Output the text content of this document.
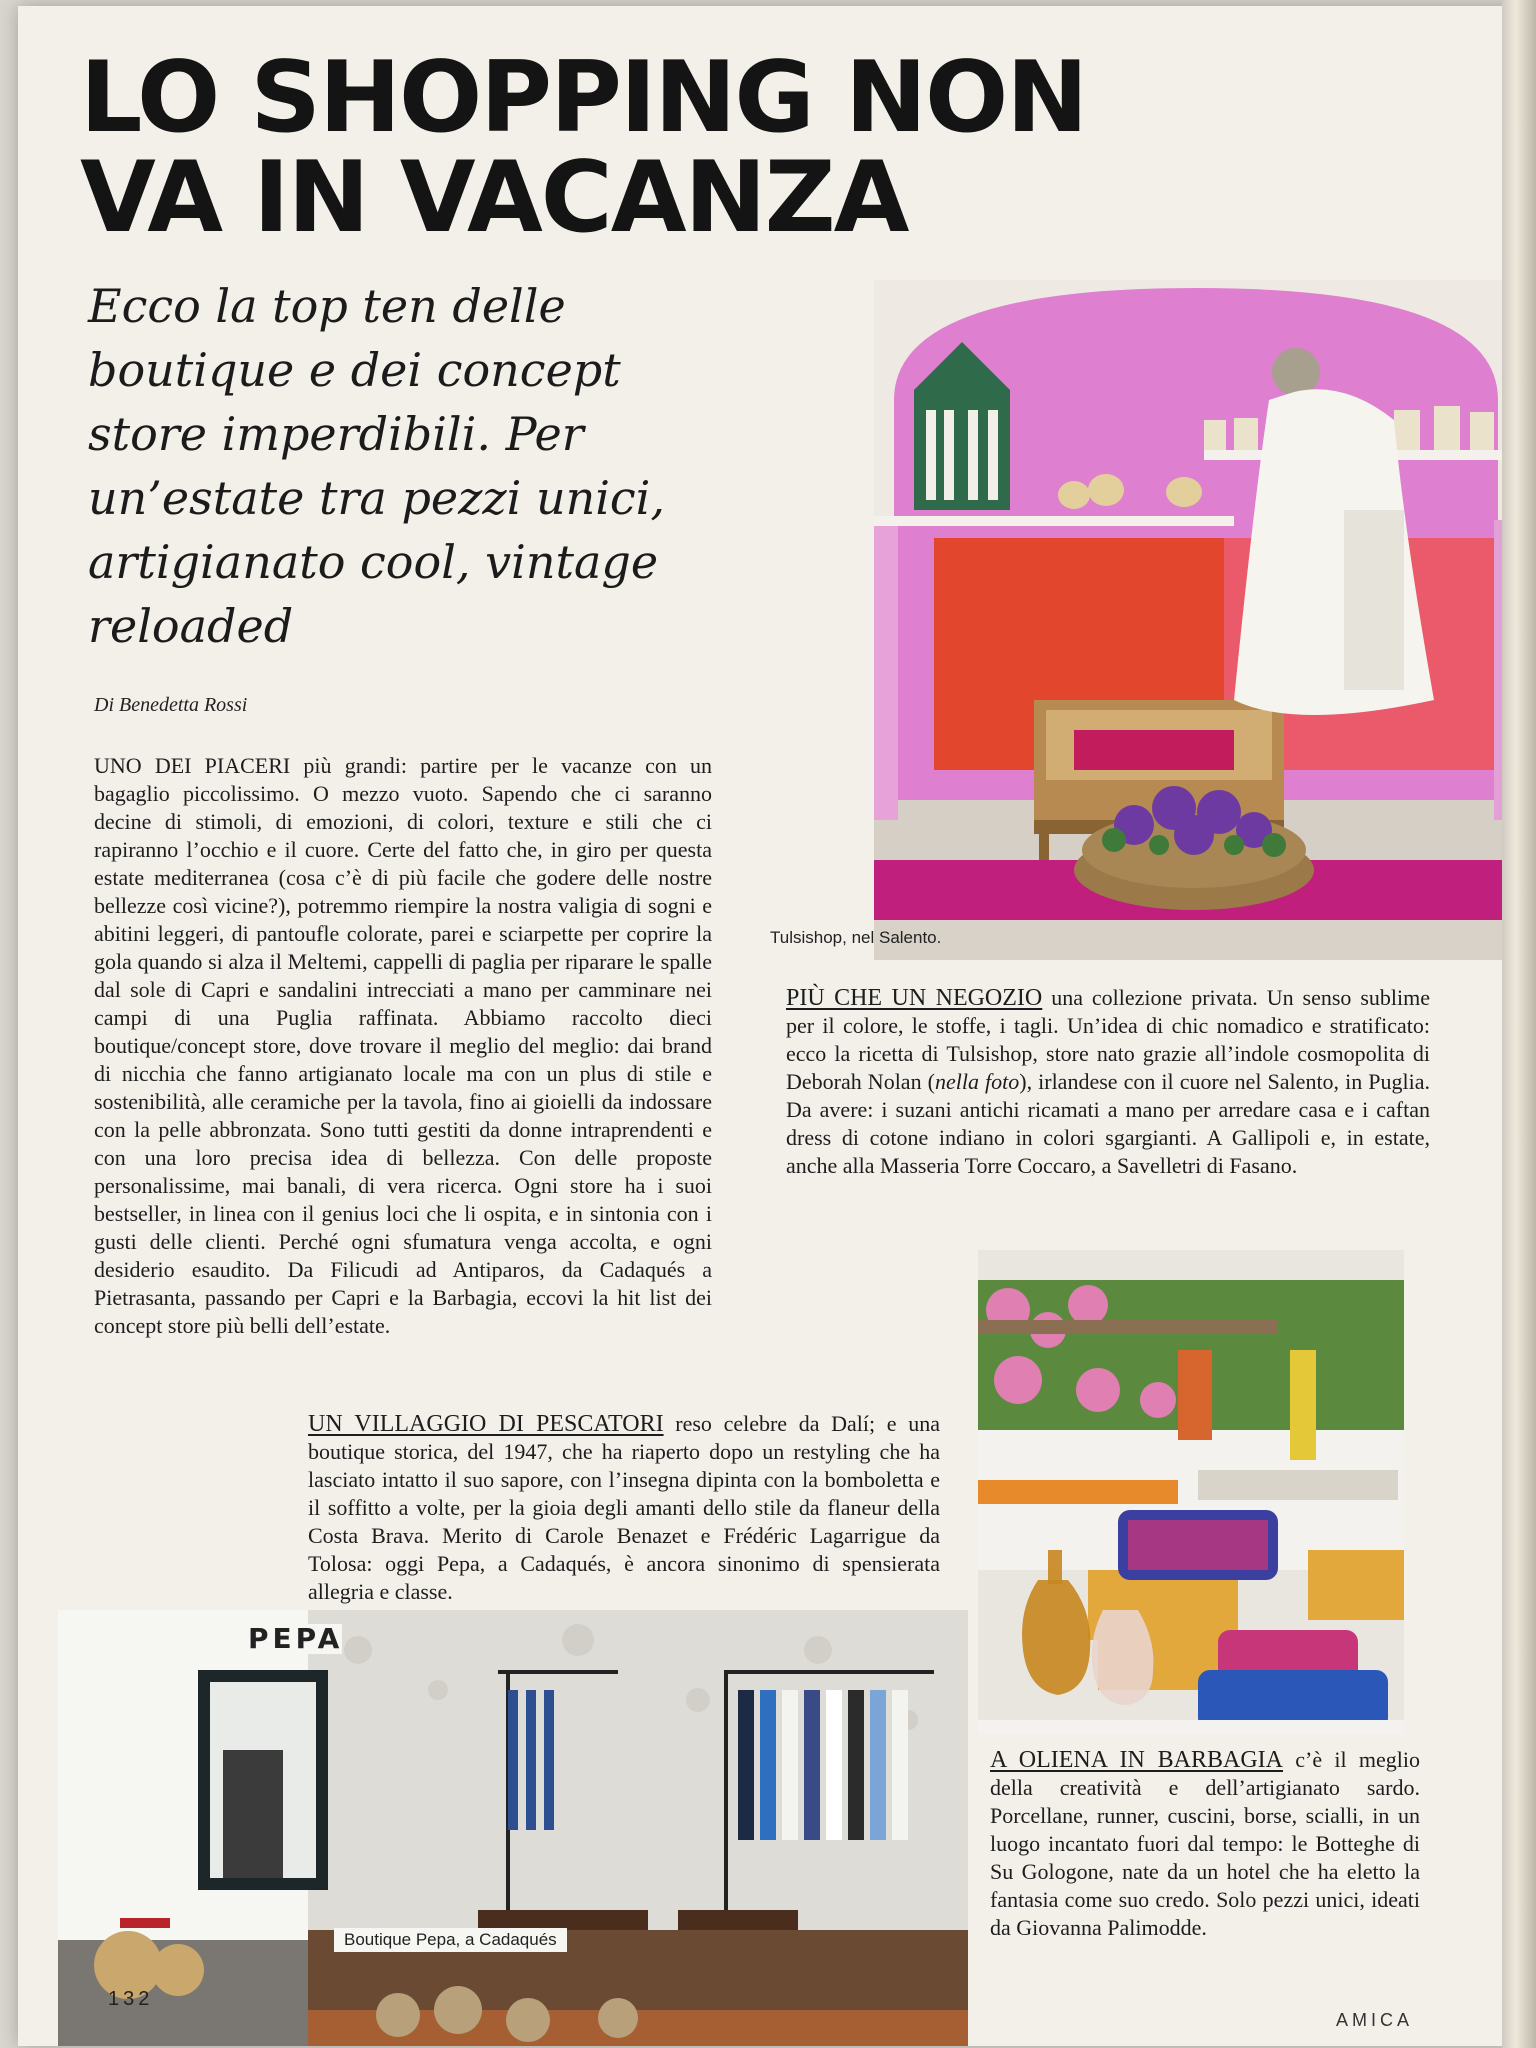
LO SHOPPING NON
VA IN VACANZA
Ecco la top ten delle boutique e dei concept store imperdibili. Per un’estate tra pezzi unici, artigianato cool, vintage reloaded
Di Benedetta Rossi
UNO DEI PIACERI più grandi: partire per le vacanze con un bagaglio piccolissimo. O mezzo vuoto. Sapendo che ci saranno decine di stimoli, di emozioni, di colori, texture e stili che ci rapiranno l’occhio e il cuore. Certe del fatto che, in giro per questa estate mediterranea (cosa c’è di più facile che godere delle nostre bellezze così vicine?), potremmo riempire la nostra valigia di sogni e abitini leggeri, di pantoufle colorate, parei e sciarpette per coprire la gola quando si alza il Meltemi, cappelli di paglia per riparare le spalle dal sole di Capri e sandalini intrecciati a mano per camminare nei campi di una Puglia raffinata. Abbiamo raccolto dieci boutique/concept store, dove trovare il meglio del meglio: dai brand di nicchia che fanno artigianato locale ma con un plus di stile e sostenibilità, alle ceramiche per la tavola, fino ai gioielli da indossare con la pelle abbronzata. Sono tutti gestiti da donne intraprendenti e con una loro precisa idea di bellezza. Con delle proposte personalissime, mai banali, di vera ricerca. Ogni store ha i suoi bestseller, in linea con il genius loci che li ospita, e in sintonia con i gusti delle clienti. Perché ogni sfumatura venga accolta, e ogni desiderio esaudito. Da Filicudi ad Antiparos, da Cadaqués a Pietrasanta, passando per Capri e la Barbagia, eccovi la hit list dei concept store più belli dell’estate.
Tulsishop, nel Salento.
PIÙ CHE UN NEGOZIO una collezione privata. Un senso sublime per il colore, le stoffe, i tagli. Un’idea di chic nomadico e stratificato: ecco la ricetta di Tulsishop, store nato grazie all’indole cosmopolita di Deborah Nolan (nella foto), irlandese con il cuore nel Salento, in Puglia. Da avere: i suzani antichi ricamati a mano per arredare casa e i caftan dress di cotone indiano in colori sgargianti. A Gallipoli e, in estate, anche alla Masseria Torre Coccaro, a Savelletri di Fasano.
A OLIENA IN BARBAGIA c’è il meglio della creatività e dell’artigianato sardo. Porcellane, runner, cuscini, borse, scialli, in un luogo incantato fuori dal tempo: le Botteghe di Su Gologone, nate da un hotel che ha eletto la fantasia come suo credo. Solo pezzi unici, ideati da Giovanna Palimodde.
UN VILLAGGIO DI PESCATORI reso celebre da Dalí; e una boutique storica, del 1947, che ha riaperto dopo un restyling che ha lasciato intatto il suo sapore, con l’insegna dipinta con la bomboletta e il soffitto a volte, per la gioia degli amanti dello stile da flaneur della Costa Brava. Merito di Carole Benazet e Frédéric Lagarrigue da Tolosa: oggi Pepa, a Cadaqués, è ancora sinonimo di spensierata allegria e classe.
PEPA
Boutique Pepa, a Cadaqués
132
AMICA
